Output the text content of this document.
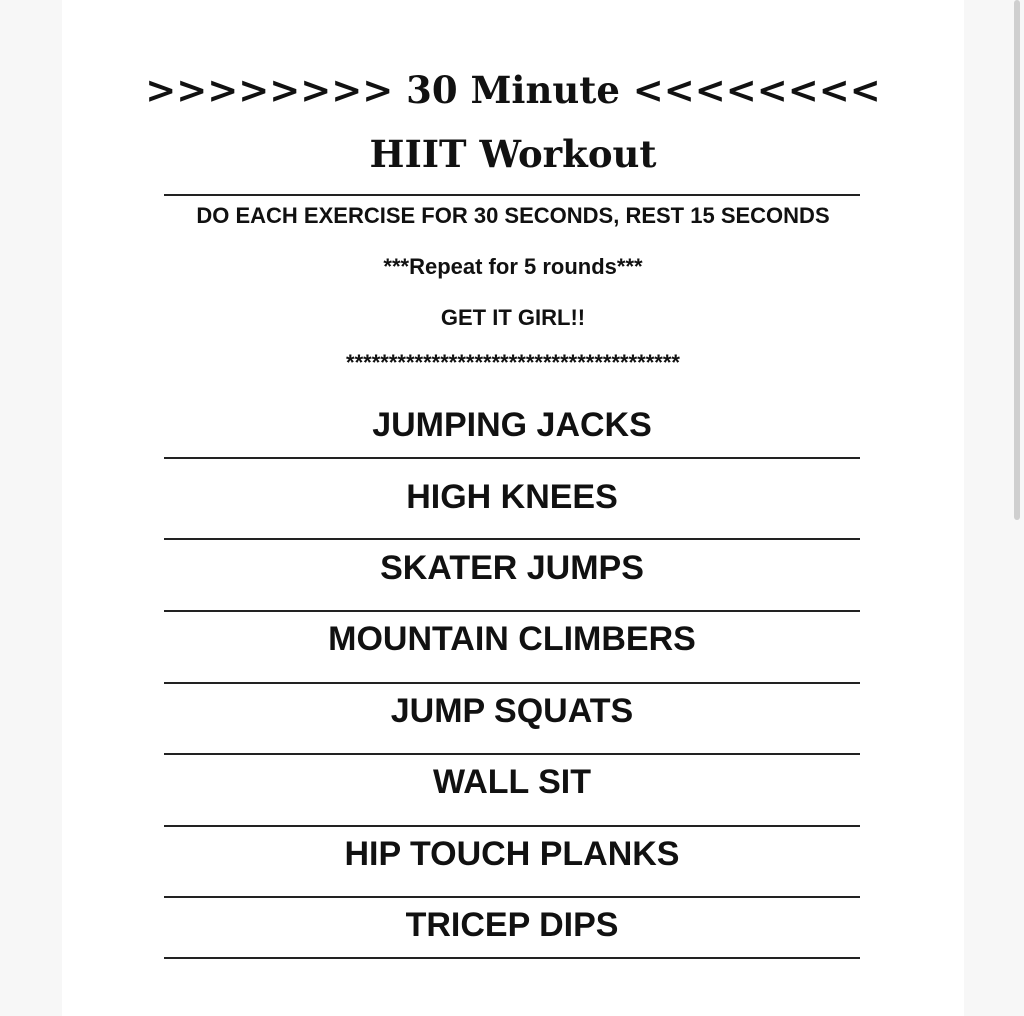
>>>>>>>> 30 Minute <<<<<<<<
HIIT Workout
DO EACH EXERCISE FOR 30 SECONDS, REST 15 SECONDS
***Repeat for 5 rounds***
GET IT GIRL!!
***************************************
JUMPING JACKS
HIGH KNEES
SKATER JUMPS
MOUNTAIN CLIMBERS
JUMP SQUATS
WALL SIT
HIP TOUCH PLANKS
TRICEP DIPS
